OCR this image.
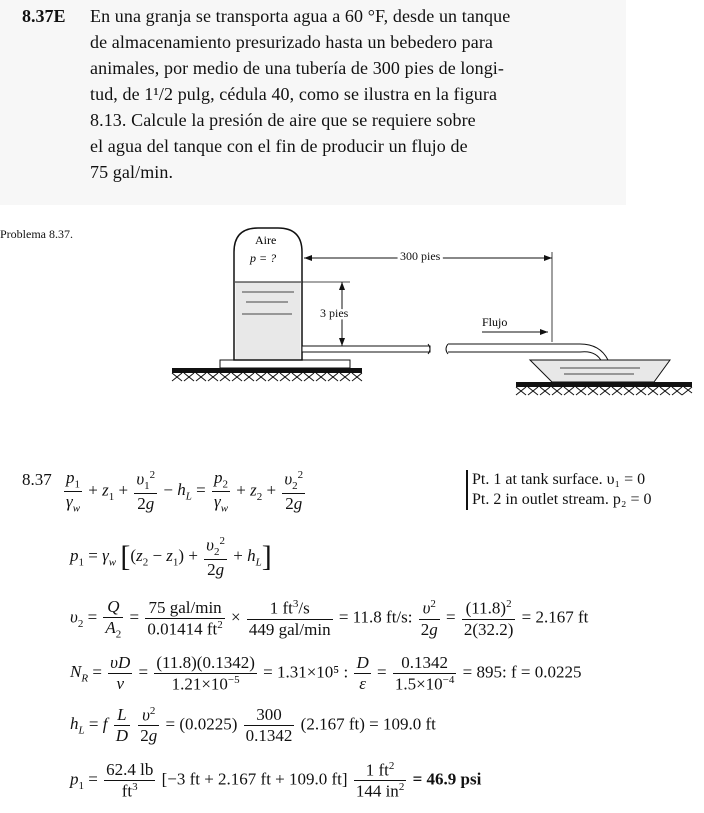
8.37E En una granja se transporta agua a 60 °F, desde un tanque
de almacenamiento presurizado hasta un bebedero para
animales, por medio de una tubería de 300 pies de longi-
tud, de 1¹/2 pulg, cédula 40, como se ilustra en la figura
8.13. Calcule la presión de aire que se requiere sobre
el agua del tanque con el fin de producir un flujo de
75 gal/min.
Problema 8.37.	Aire
p = ?	300 pies
3 pies
Flujo
$8.37 \frac{p_1}{\gamma_w} + z_1 + \frac{\upsilon_1^2}{2g} - h_L = \frac{p_2}{\gamma_w} + z_2 + \frac{\upsilon_2^2}{2g}$	Pt. 1 at tank surface. υ₁ = 0
Pt. 2 in outlet stream. p₂ = 0
$p_1 = \gamma_w$ $[(z_2 - z_1) + \frac{\upsilon_2^2}{2g} + h_L]$
$\upsilon_2 = \frac{Q}{A_2} = \frac{\text{75 gal/min}}{0.01414 ft^2} \times \frac{1 ft^3/s}{\text{449 gal/min}} = 11.8$ ft/s: $\frac{\upsilon^2}{2g} = \frac{(11.8)^2}{2(32.2)} = 2.167$ ft
$N_R = \frac{\upsilon D}{\nu} = \frac{(11.8)(0.1342)}{1.21\times 10^{-5}} = 1.31\times 10^5$ : $\frac{D}{\varepsilon} = \frac{0.1342}{1.5\times 10^{-4}} = 895$: f = 0.0225
$h_L = f \frac{L}{D}$
$\frac{\upsilon^2}{2g} = (0.0225) \frac{300}{0.1342} (2.167$ ft) = 109.0 ft
$p_1 = \frac{62.4 lb}{ft^3} [-3$ ft + 2.167 ft + 109.0 $ft] \frac{1 ft^2}{144 in^2} = 46.9$ psi
